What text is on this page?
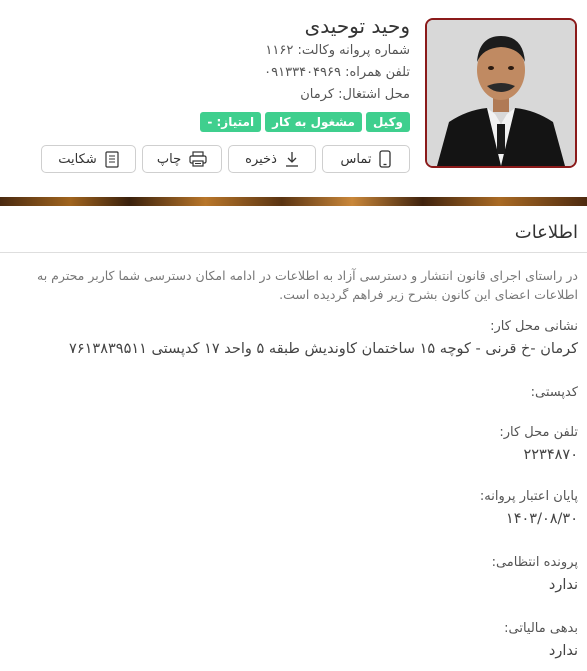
وحید توحیدی
شماره پروانه وکالت: ۱۱۶۲
تلفن همراه: ۰۹۱۳۳۴۰۴۹۶۹
محل اشتغال: کرمان
وکیل
مشغول به کار
امتیاز: -
تماس
ذخیره
چاپ
شکایت
اطلاعات
در راستای اجرای قانون انتشار و دسترسی آزاد به اطلاعات در ادامه امکان دسترسی شما کاربر محترم به اطلاعات اعضای این کانون بشرح زیر فراهم گردیده است.
نشانی محل کار:
کرمان -خ قرنی - کوچه ۱۵ ساختمان کاوندیش طبقه ۵ واحد ۱۷ کدپستی ۷۶۱۳۸۳۹۵۱۱
کدپستی:
تلفن محل کار:
۲۲۳۴۸۷۰
پایان اعتبار پروانه:
۱۴۰۳/۰۸/۳۰
پرونده انتظامی:
ندارد
بدهی مالیاتی:
ندارد
